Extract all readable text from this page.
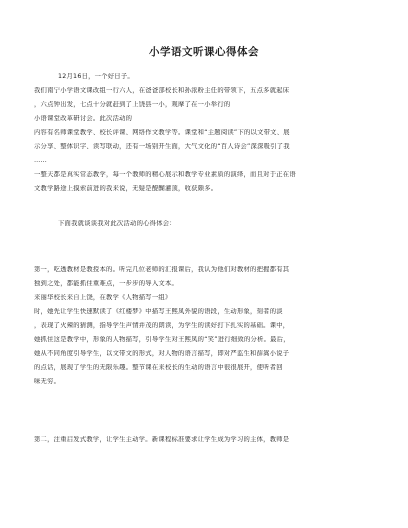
小学语文听课心得体会
12月16日，一个好日子。
我们南宁小学语文课改组一行六人，在爸爸部校长和孙浓粉主任的带领下，五点多就起床
，六点钟出发，七点十分就赶到了上饶县一小，观摩了在一小举行的
小语课堂改革研讨会。此次活动的
内容有名师课堂教学、校长评课、网络作文教学等。课堂和“主题阅读”下的以文带文、展
示分享、整体识字、读写联动，还有一场别开生面，大气文化的“百人诗会”深深吸引了我
……
一整天都是真实常态教学，每一个教师的精心展示和教学专业素质的演绎，而且对于正在语
文教学路途上摸索前进的我来说，无疑是醍醐灌顶，收获颇多。
下面我就谈谈我对此次活动的心得体会：
第一，吃透教材是教授本的。听完几位老师的汇报课后，我认为他们对教材的把握都有其
独到之处，都能抓住重难点，一步步的导入文本。
来丽华校长来自上饶，在教学《人物描写一组》
时，她先让学生快速默读了《红楼梦》中描写王熙凤外貌的语段，生动形象，刻者的淡
，表现了火辣的猜测，指导学生声情并茂的朗读，为学生的读好打下扎实的基础。课中，
她抓住这是教学中，形象的人物描写，引导学生对王熙凤的“笑”进行细致的分析。最后，
她从不同角度引导学生，以文带文的形式，对人物的语言描写，即对严监生和薛嵩小说子
的点话，展现了学生的无限乐趣。整节课在来校长的生动的语言中很很展开，使听者回
味无穷。
第二，注重启发式教学，让学生主动学。新课程标准要求让学生成为学习的主体，教师是
